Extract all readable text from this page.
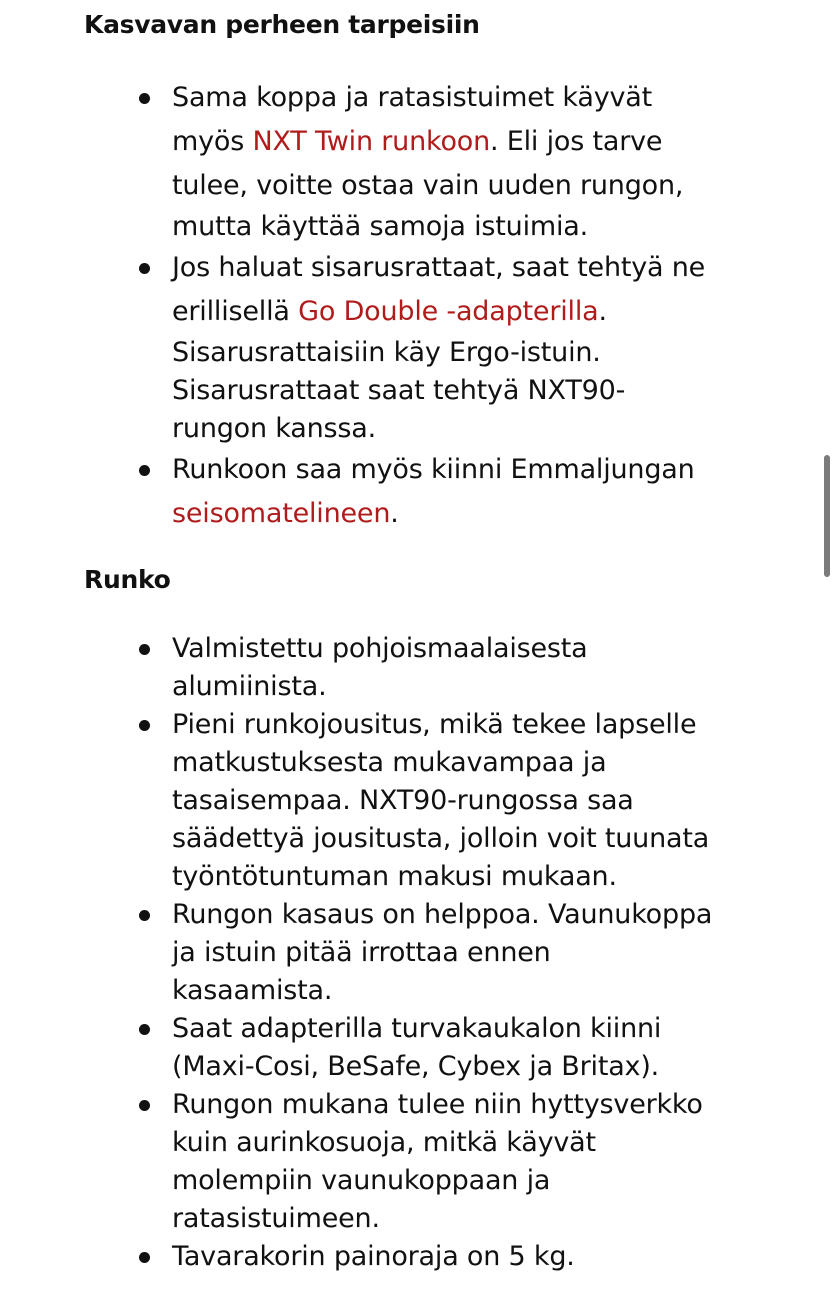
Kasvavan perheen tarpeisiin
Sama koppa ja ratasistuimet käyvät
myös NXT Twin runkoon. Eli jos tarve
tulee, voitte ostaa vain uuden rungon,
mutta käyttää samoja istuimia.
Jos haluat sisarusrattaat, saat tehtyä ne
erillisellä Go Double -adapterilla.
Sisarusrattaisiin käy Ergo-istuin.
Sisarusrattaat saat tehtyä NXT90-
rungon kanssa.
Runkoon saa myös kiinni Emmaljungan
seisomatelineen.
Runko
Valmistettu pohjoismaalaisesta
alumiinista.
Pieni runkojousitus, mikä tekee lapselle
matkustuksesta mukavampaa ja
tasaisempaa. NXT90-rungossa saa
säädettyä jousitusta, jolloin voit tuunata
työntötuntuman makusi mukaan.
Rungon kasaus on helppoa. Vaunukoppa
ja istuin pitää irrottaa ennen
kasaamista.
Saat adapterilla turvakaukalon kiinni
(Maxi-Cosi, BeSafe, Cybex ja Britax).
Rungon mukana tulee niin hyttysverkko
kuin aurinkosuoja, mitkä käyvät
molempiin vaunukoppaan ja
ratasistuimeen.
Tavarakorin painoraja on 5 kg.
